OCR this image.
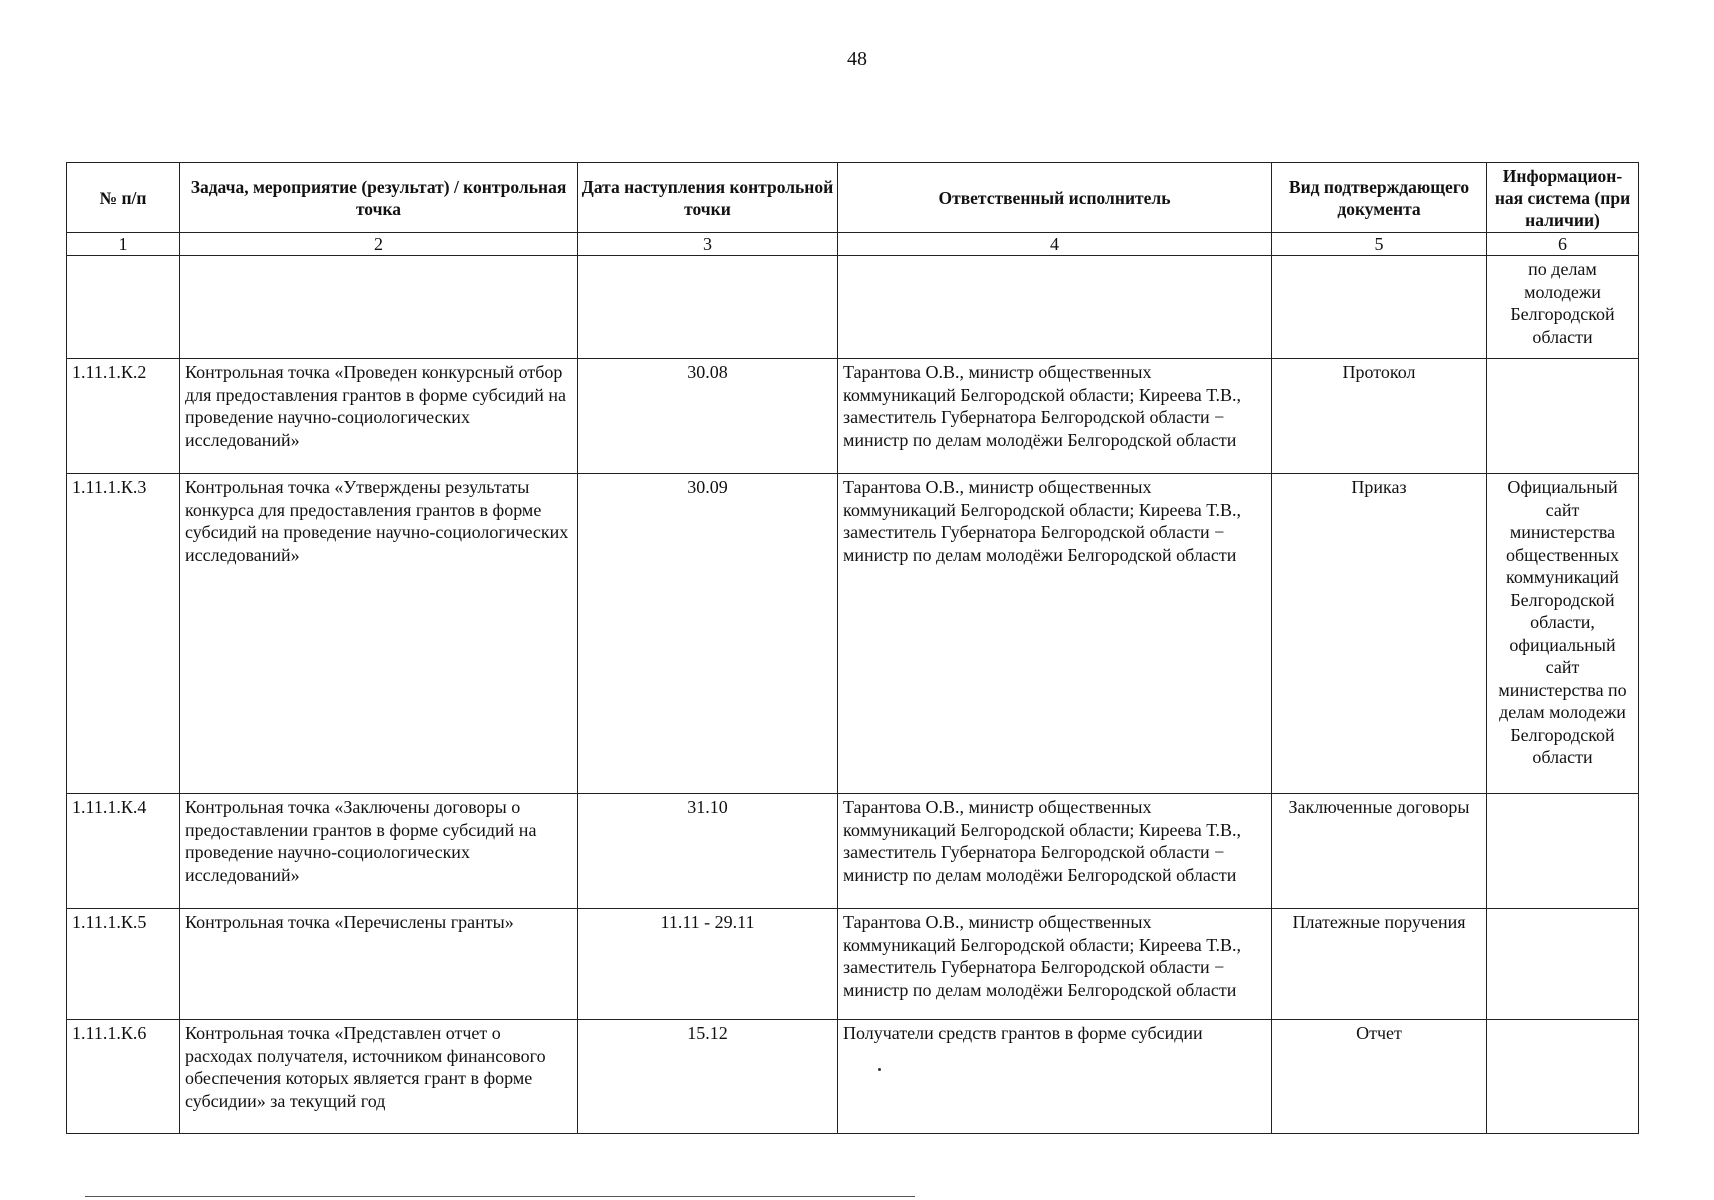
48
№ п/п	Задача, мероприятие (результат) / контрольная точка	Дата наступления контрольной точки	Ответственный исполнитель	Вид подтверждающего документа	Информацион-ная система (при наличии)
1	2	3	4	5	6
					по делам молодежи Белгородской области
1.11.1.К.2	Контрольная точка «Проведен конкурсный отбор для предоставления грантов в форме субсидий на проведение научно-социологических исследований»	30.08	Тарантова О.В., министр общественных коммуникаций Белгородской области; Киреева Т.В., заместитель Губернатора Белгородской области − министр по делам молодёжи Белгородской области	Протокол	
1.11.1.К.3	Контрольная точка «Утверждены результаты конкурса для предоставления грантов в форме субсидий на проведение научно-социологических исследований»	30.09	Тарантова О.В., министр общественных коммуникаций Белгородской области; Киреева Т.В., заместитель Губернатора Белгородской области − министр по делам молодёжи Белгородской области	Приказ	Официальный сайт министерства общественных коммуникаций Белгородской области, официальный сайт министерства по делам молодежи Белгородской области
1.11.1.К.4	Контрольная точка «Заключены договоры о предоставлении грантов в форме субсидий на проведение научно-социологических исследований»	31.10	Тарантова О.В., министр общественных коммуникаций Белгородской области; Киреева Т.В., заместитель Губернатора Белгородской области − министр по делам молодёжи Белгородской области	Заключенные договоры	
1.11.1.К.5	Контрольная точка «Перечислены гранты»	11.11 - 29.11	Тарантова О.В., министр общественных коммуникаций Белгородской области; Киреева Т.В., заместитель Губернатора Белгородской области − министр по делам молодёжи Белгородской области	Платежные поручения	
1.11.1.К.6	Контрольная точка «Представлен отчет о расходах получателя, источником финансового обеспечения которых является грант в форме субсидии» за текущий год	15.12	Получатели средств грантов в форме субсидии	Отчет	
